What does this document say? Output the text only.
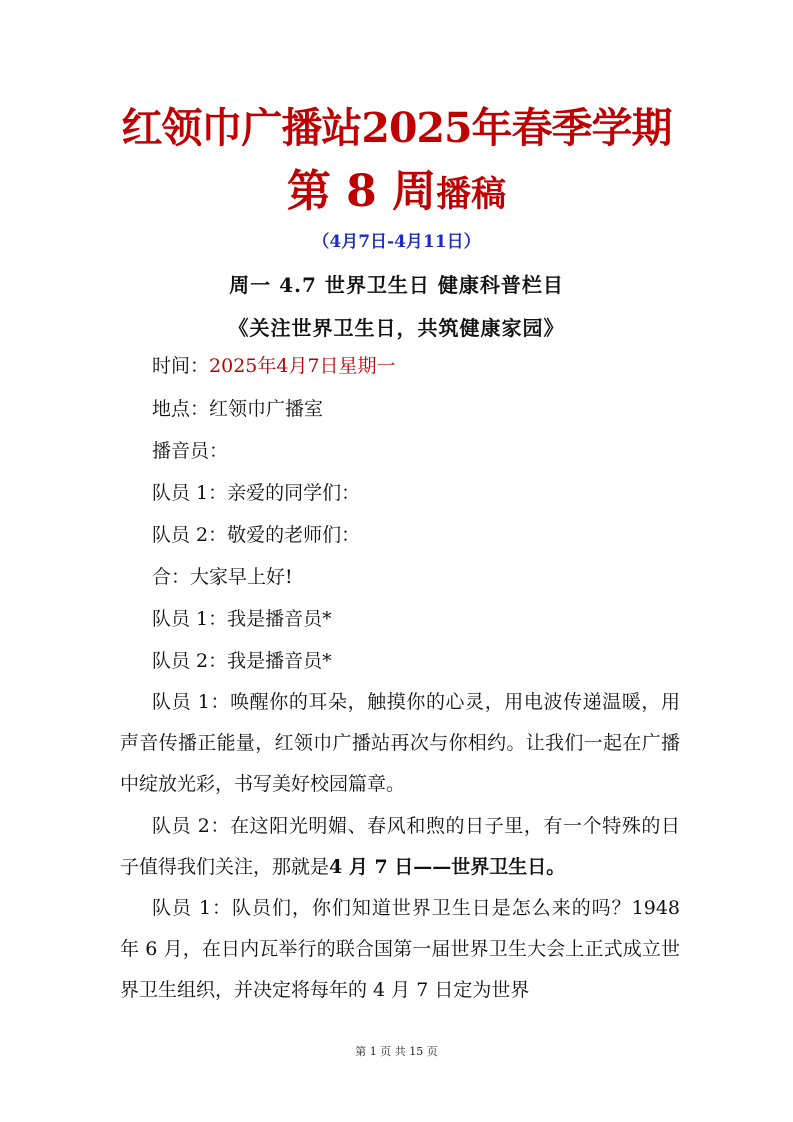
红领巾广播站2025年春季学期
第 8 周播稿
（4月7日-4月11日）
周一 4.7 世界卫生日 健康科普栏目
《关注世界卫生日，共筑健康家园》
时间：2025年4月7日星期一
地点：红领巾广播室
播音员：
队员 1：亲爱的同学们：
队员 2：敬爱的老师们：
合：大家早上好!
队员 1：我是播音员*
队员 2：我是播音员*
队员 1：唤醒你的耳朵，触摸你的心灵，用电波传递温暖，用声音传播正能量，红领巾广播站再次与你相约。让我们一起在广播中绽放光彩，书写美好校园篇章。
队员 2：在这阳光明媚、春风和煦的日子里，有一个特殊的日子值得我们关注，那就是4 月 7 日——世界卫生日。
队员 1：队员们，你们知道世界卫生日是怎么来的吗？1948 年 6 月，在日内瓦举行的联合国第一届世界卫生大会上正式成立世界卫生组织，并决定将每年的 4 月 7 日定为世界
第 1 页 共 15 页
